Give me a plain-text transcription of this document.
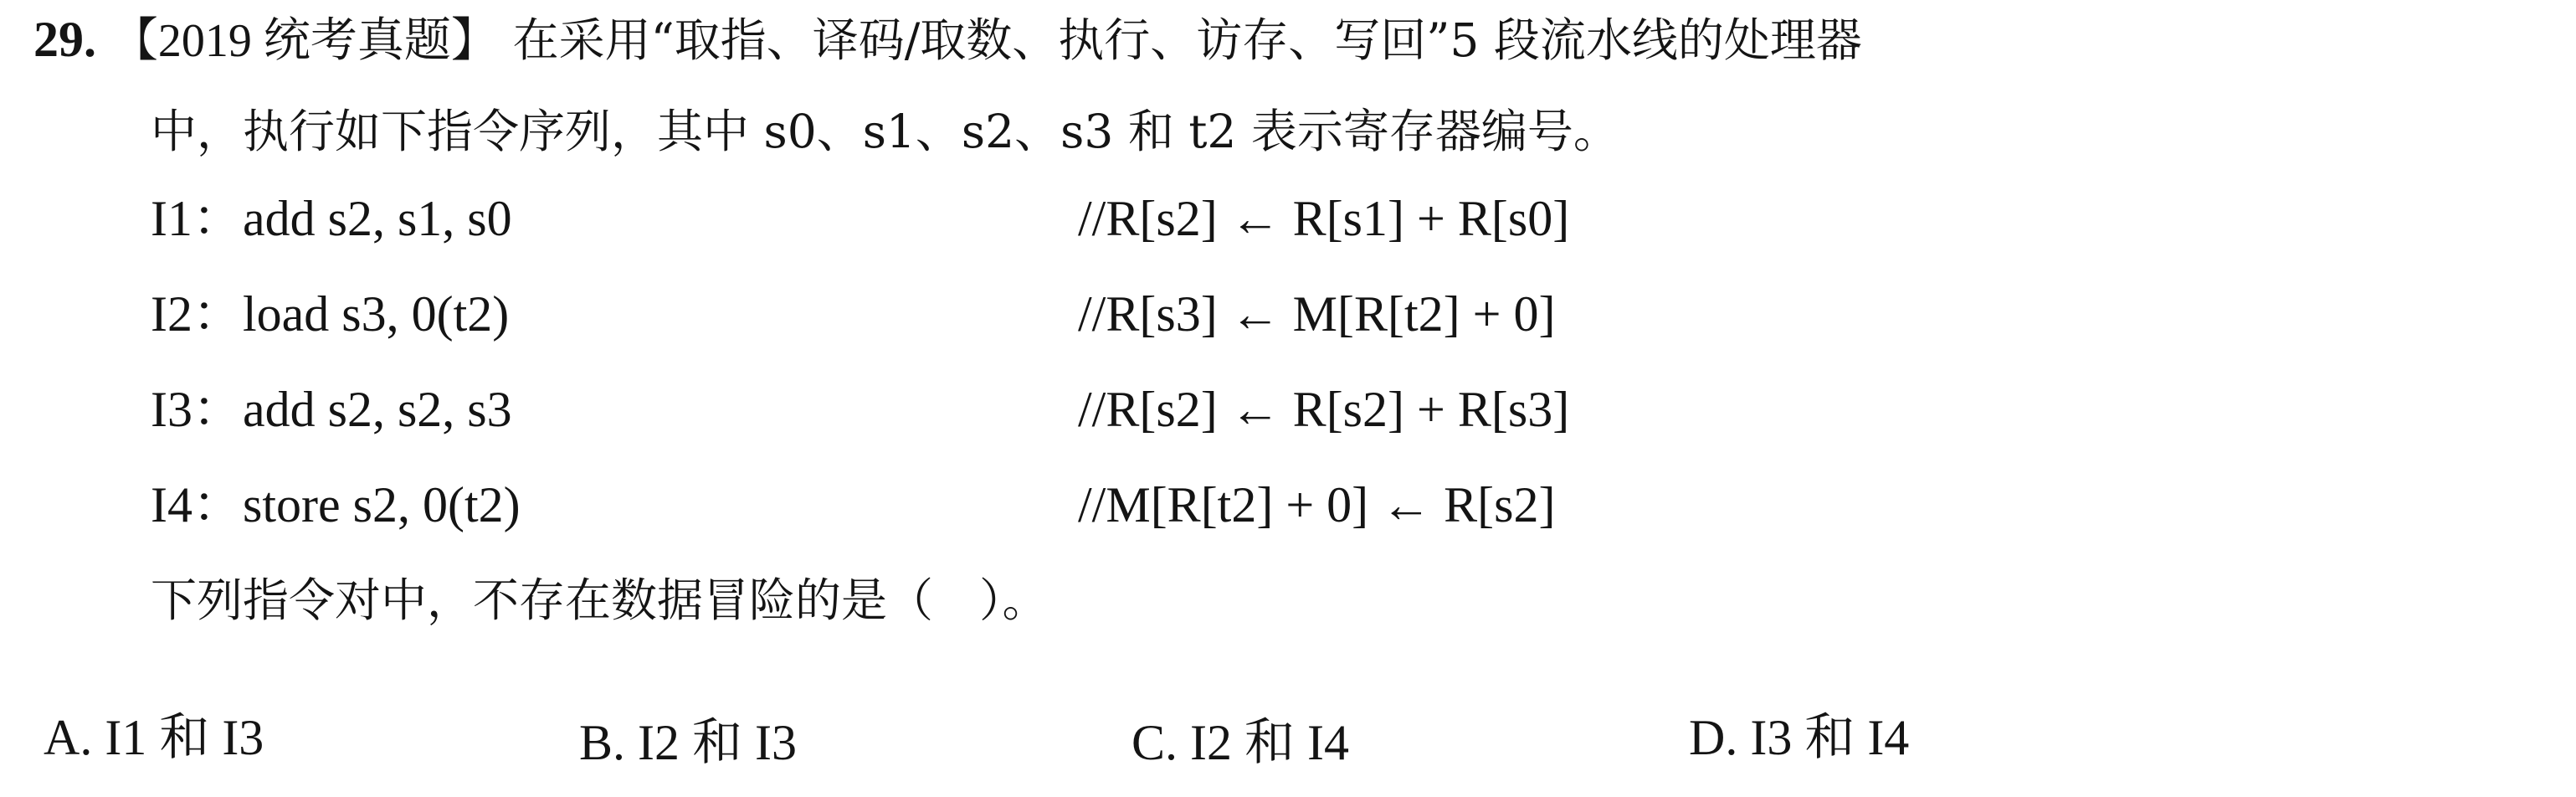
29. 【2019 统考真题】 在采用“取指、译码/取数、执行、访存、写回”5 段流水线的处理器
中，执行如下指令序列，其中 s0、s1、s2、s3 和 t2 表示寄存器编号。
I1：add s2, s1, s0	//R[s2] ← R[s1] + R[s0]
I2：load s3, 0(t2)	//R[s3] ← M[R[t2] + 0]
I3：add s2, s2, s3	//R[s2] ← R[s2] + R[s3]
I4：store s2, 0(t2)	//M[R[t2] + 0] ← R[s2]
下列指令对中，不存在数据冒险的是（　）。
A. I1 和 I3	B. I2 和 I3	C. I2 和 I4	D. I3 和 I4
